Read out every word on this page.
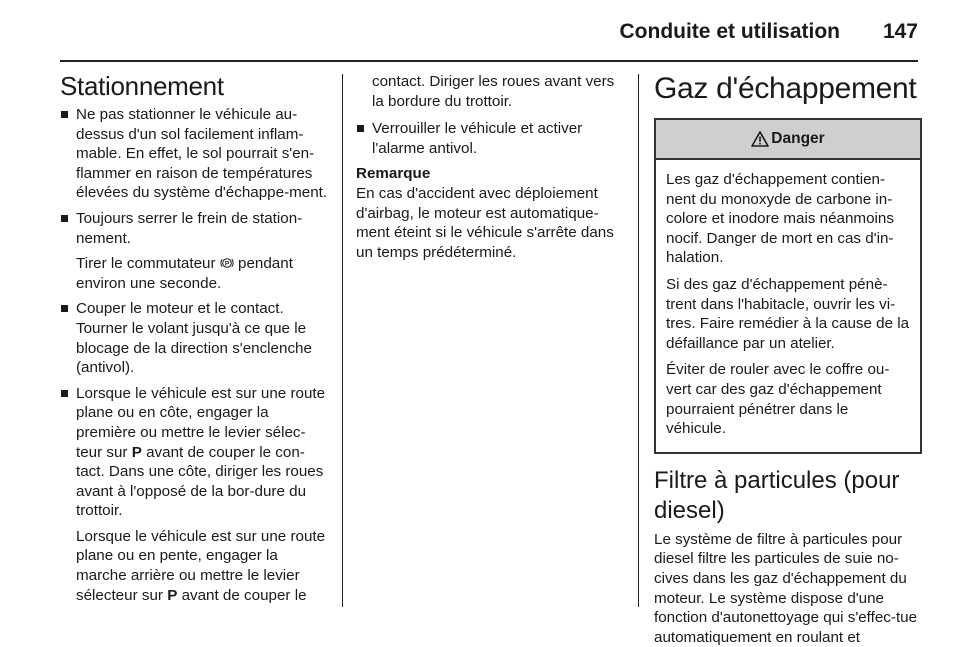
Conduite et utilisation 147
Stationnement

Ne pas stationner le véhicule au-dessus d'un sol facilement inflam-mable. En effet, le sol pourrait s'en-flammer en raison de températures élevées du système d'échappe-ment.

Toujours serrer le frein de station-nement.

Tirer le commutateur P pendant environ une seconde.

Couper le moteur et le contact. Tourner le volant jusqu'à ce que le blocage de la direction s'enclenche (antivol).

Lorsque le véhicule est sur une route plane ou en côte, engager la première ou mettre le levier sélec-teur sur P avant de couper le con-tact. Dans une côte, diriger les roues avant à l'opposé de la bor-dure du trottoir.

Lorsque le véhicule est sur une route plane ou en pente, engager la marche arrière ou mettre le levier sélecteur sur P avant de couper le

contact. Diriger les roues avant vers la bordure du trottoir.

Verrouiller le véhicule et activer l'alarme antivol.

Remarque

En cas d'accident avec déploiement d'airbag, le moteur est automatique-ment éteint si le véhicule s'arrête dans un temps prédéterminé.

Gaz d'échappement
Danger

Les gaz d'échappement contien-nent du monoxyde de carbone in-colore et inodore mais néanmoins nocif. Danger de mort en cas d'in-halation.

Si des gaz d'échappement pénè-trent dans l'habitacle, ouvrir les vi-tres. Faire remédier à la cause de la défaillance par un atelier.

Éviter de rouler avec le coffre ou-vert car des gaz d'échappement pourraient pénétrer dans le véhicule.

Filtre à particules (pour diesel)

Le système de filtre à particules pour diesel filtre les particules de suie no-cives dans les gaz d'échappement du moteur. Le système dispose d'une fonction d'autonettoyage qui s'effec-tue automatiquement en roulant et
